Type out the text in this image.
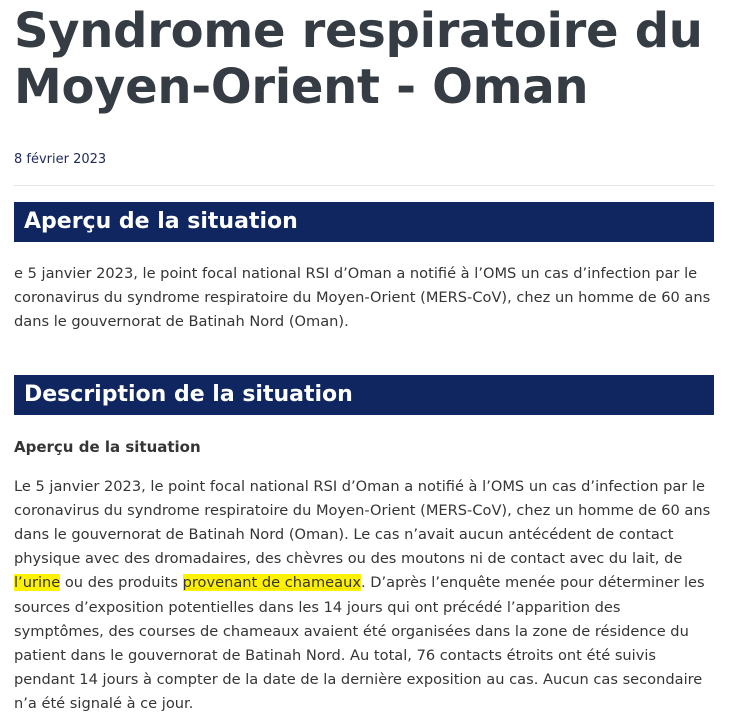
Syndrome respiratoire du Moyen-Orient - Oman
8 février 2023
Aperçu de la situation

e 5 janvier 2023, le point focal national RSI d’Oman a notifié à l’OMS un cas d’infection par le coronavirus du syndrome respiratoire du Moyen-Orient (MERS-CoV), chez un homme de 60 ans dans le gouvernorat de Batinah Nord (Oman).

Description de la situation
Aperçu de la situation

Le 5 janvier 2023, le point focal national RSI d’Oman a notifié à l’OMS un cas d’infection par le coronavirus du syndrome respiratoire du Moyen-Orient (MERS-CoV), chez un homme de 60 ans dans le gouvernorat de Batinah Nord (Oman). Le cas n’avait aucun antécédent de contact physique avec des dromadaires, des chèvres ou des moutons ni de contact avec du lait, de l’urine ou des produits provenant de chameaux. D’après l’enquête menée pour déterminer les sources d’exposition potentielles dans les 14 jours qui ont précédé l’apparition des symptômes, des courses de chameaux avaient été organisées dans la zone de résidence du patient dans le gouvernorat de Batinah Nord. Au total, 76 contacts étroits ont été suivis pendant 14 jours à compter de la date de la dernière exposition au cas. Aucun cas secondaire n’a été signalé à ce jour.
